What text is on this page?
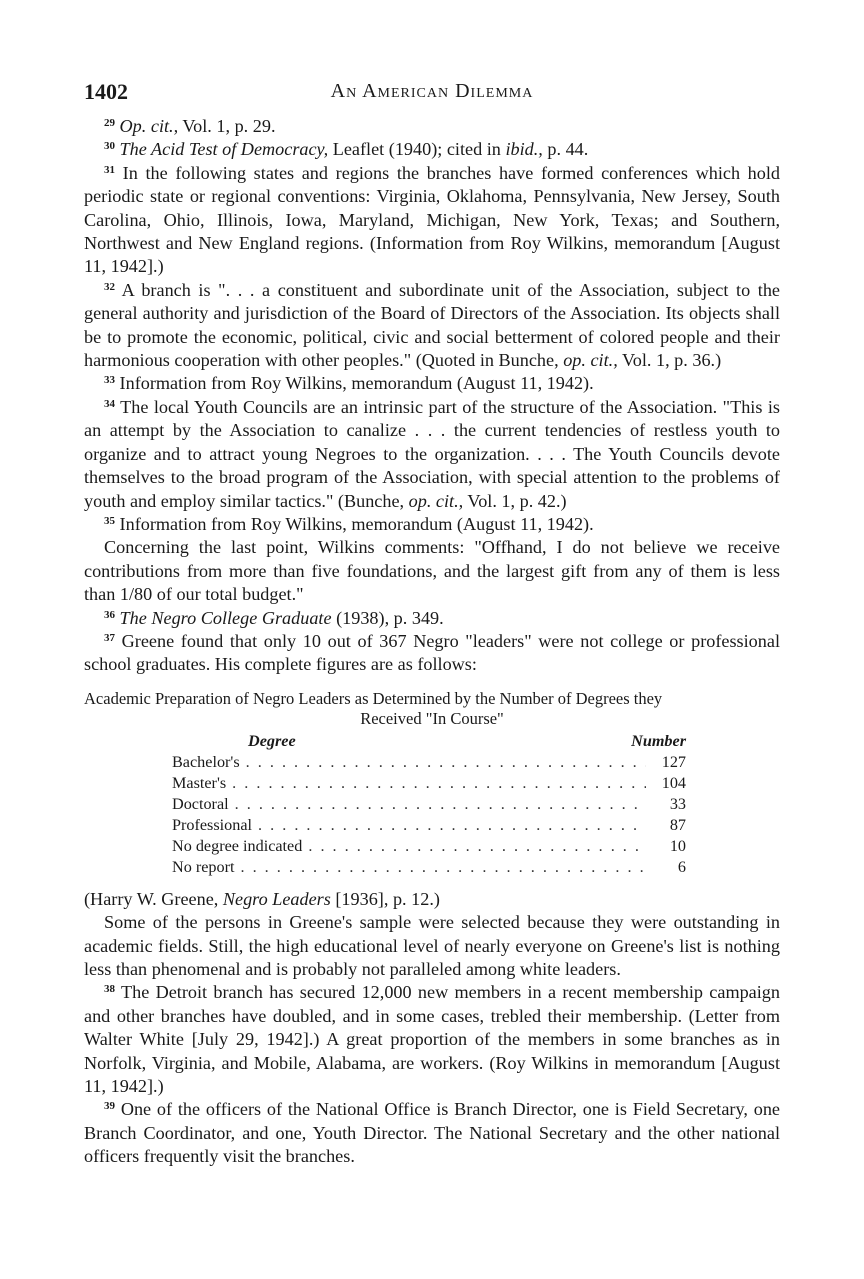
1402	An American Dilemma

$^{29}$ Op. cit., Vol. 1, p. 29.

$^{30}$ The Acid Test of Democracy, Leaflet (1940); cited in ibid., p. 44.

$^{31}$ In the following states and regions the branches have formed conferences which hold periodic state or regional conventions: Virginia, Oklahoma, Pennsylvania, New Jersey, South Carolina, Ohio, Illinois, Iowa, Maryland, Michigan, New York, Texas; and Southern, Northwest and New England regions. (Information from Roy Wilkins, memorandum [August 11, 1942].)

$^{32}$ A branch is ". . . a constituent and subordinate unit of the Association, subject to the general authority and jurisdiction of the Board of Directors of the Association. Its objects shall be to promote the economic, political, civic and social betterment of colored people and their harmonious cooperation with other peoples." (Quoted in Bunche, op. cit., Vol. 1, p. 36.)

$^{33}$ Information from Roy Wilkins, memorandum (August 11, 1942).

$^{34}$ The local Youth Councils are an intrinsic part of the structure of the Association. "This is an attempt by the Association to canalize . . . the current tendencies of restless youth to organize and to attract young Negroes to the organization. . . . The Youth Councils devote themselves to the broad program of the Association, with special attention to the problems of youth and employ similar tactics." (Bunche, op. cit., Vol. 1, p. 42.)

$^{35}$ Information from Roy Wilkins, memorandum (August 11, 1942).

Concerning the last point, Wilkins comments: "Offhand, I do not believe we receive contributions from more than five foundations, and the largest gift from any of them is less than 1/80 of our total budget."

$^{36}$ The Negro College Graduate (1938), p. 349.

$^{37}$ Greene found that only 10 out of 367 Negro "leaders" were not college or professional school graduates. His complete figures are as follows:

Academic Preparation of Negro Leaders as Determined by the Number of Degrees they

Received "In Course"
Degree	Number
Bachelor's . . .	127
Master's . . .	104
Doctoral . . .	33
Professional . . .	87
No degree indicated . . .	10
No report . . .	6

(Harry W. Greene, Negro Leaders [1936], p. 12.)

Some of the persons in Greene's sample were selected because they were outstanding in academic fields. Still, the high educational level of nearly everyone on Greene's list is nothing less than phenomenal and is probably not paralleled among white leaders.

$^{38}$ The Detroit branch has secured 12,000 new members in a recent membership campaign and other branches have doubled, and in some cases, trebled their membership. (Letter from Walter White [July 29, 1942].) A great proportion of the members in some branches as in Norfolk, Virginia, and Mobile, Alabama, are workers. (Roy Wilkins in memorandum [August 11, 1942].)

$^{39}$ One of the officers of the National Office is Branch Director, one is Field Secretary, one Branch Coordinator, and one, Youth Director. The National Secretary and the other national officers frequently visit the branches.
